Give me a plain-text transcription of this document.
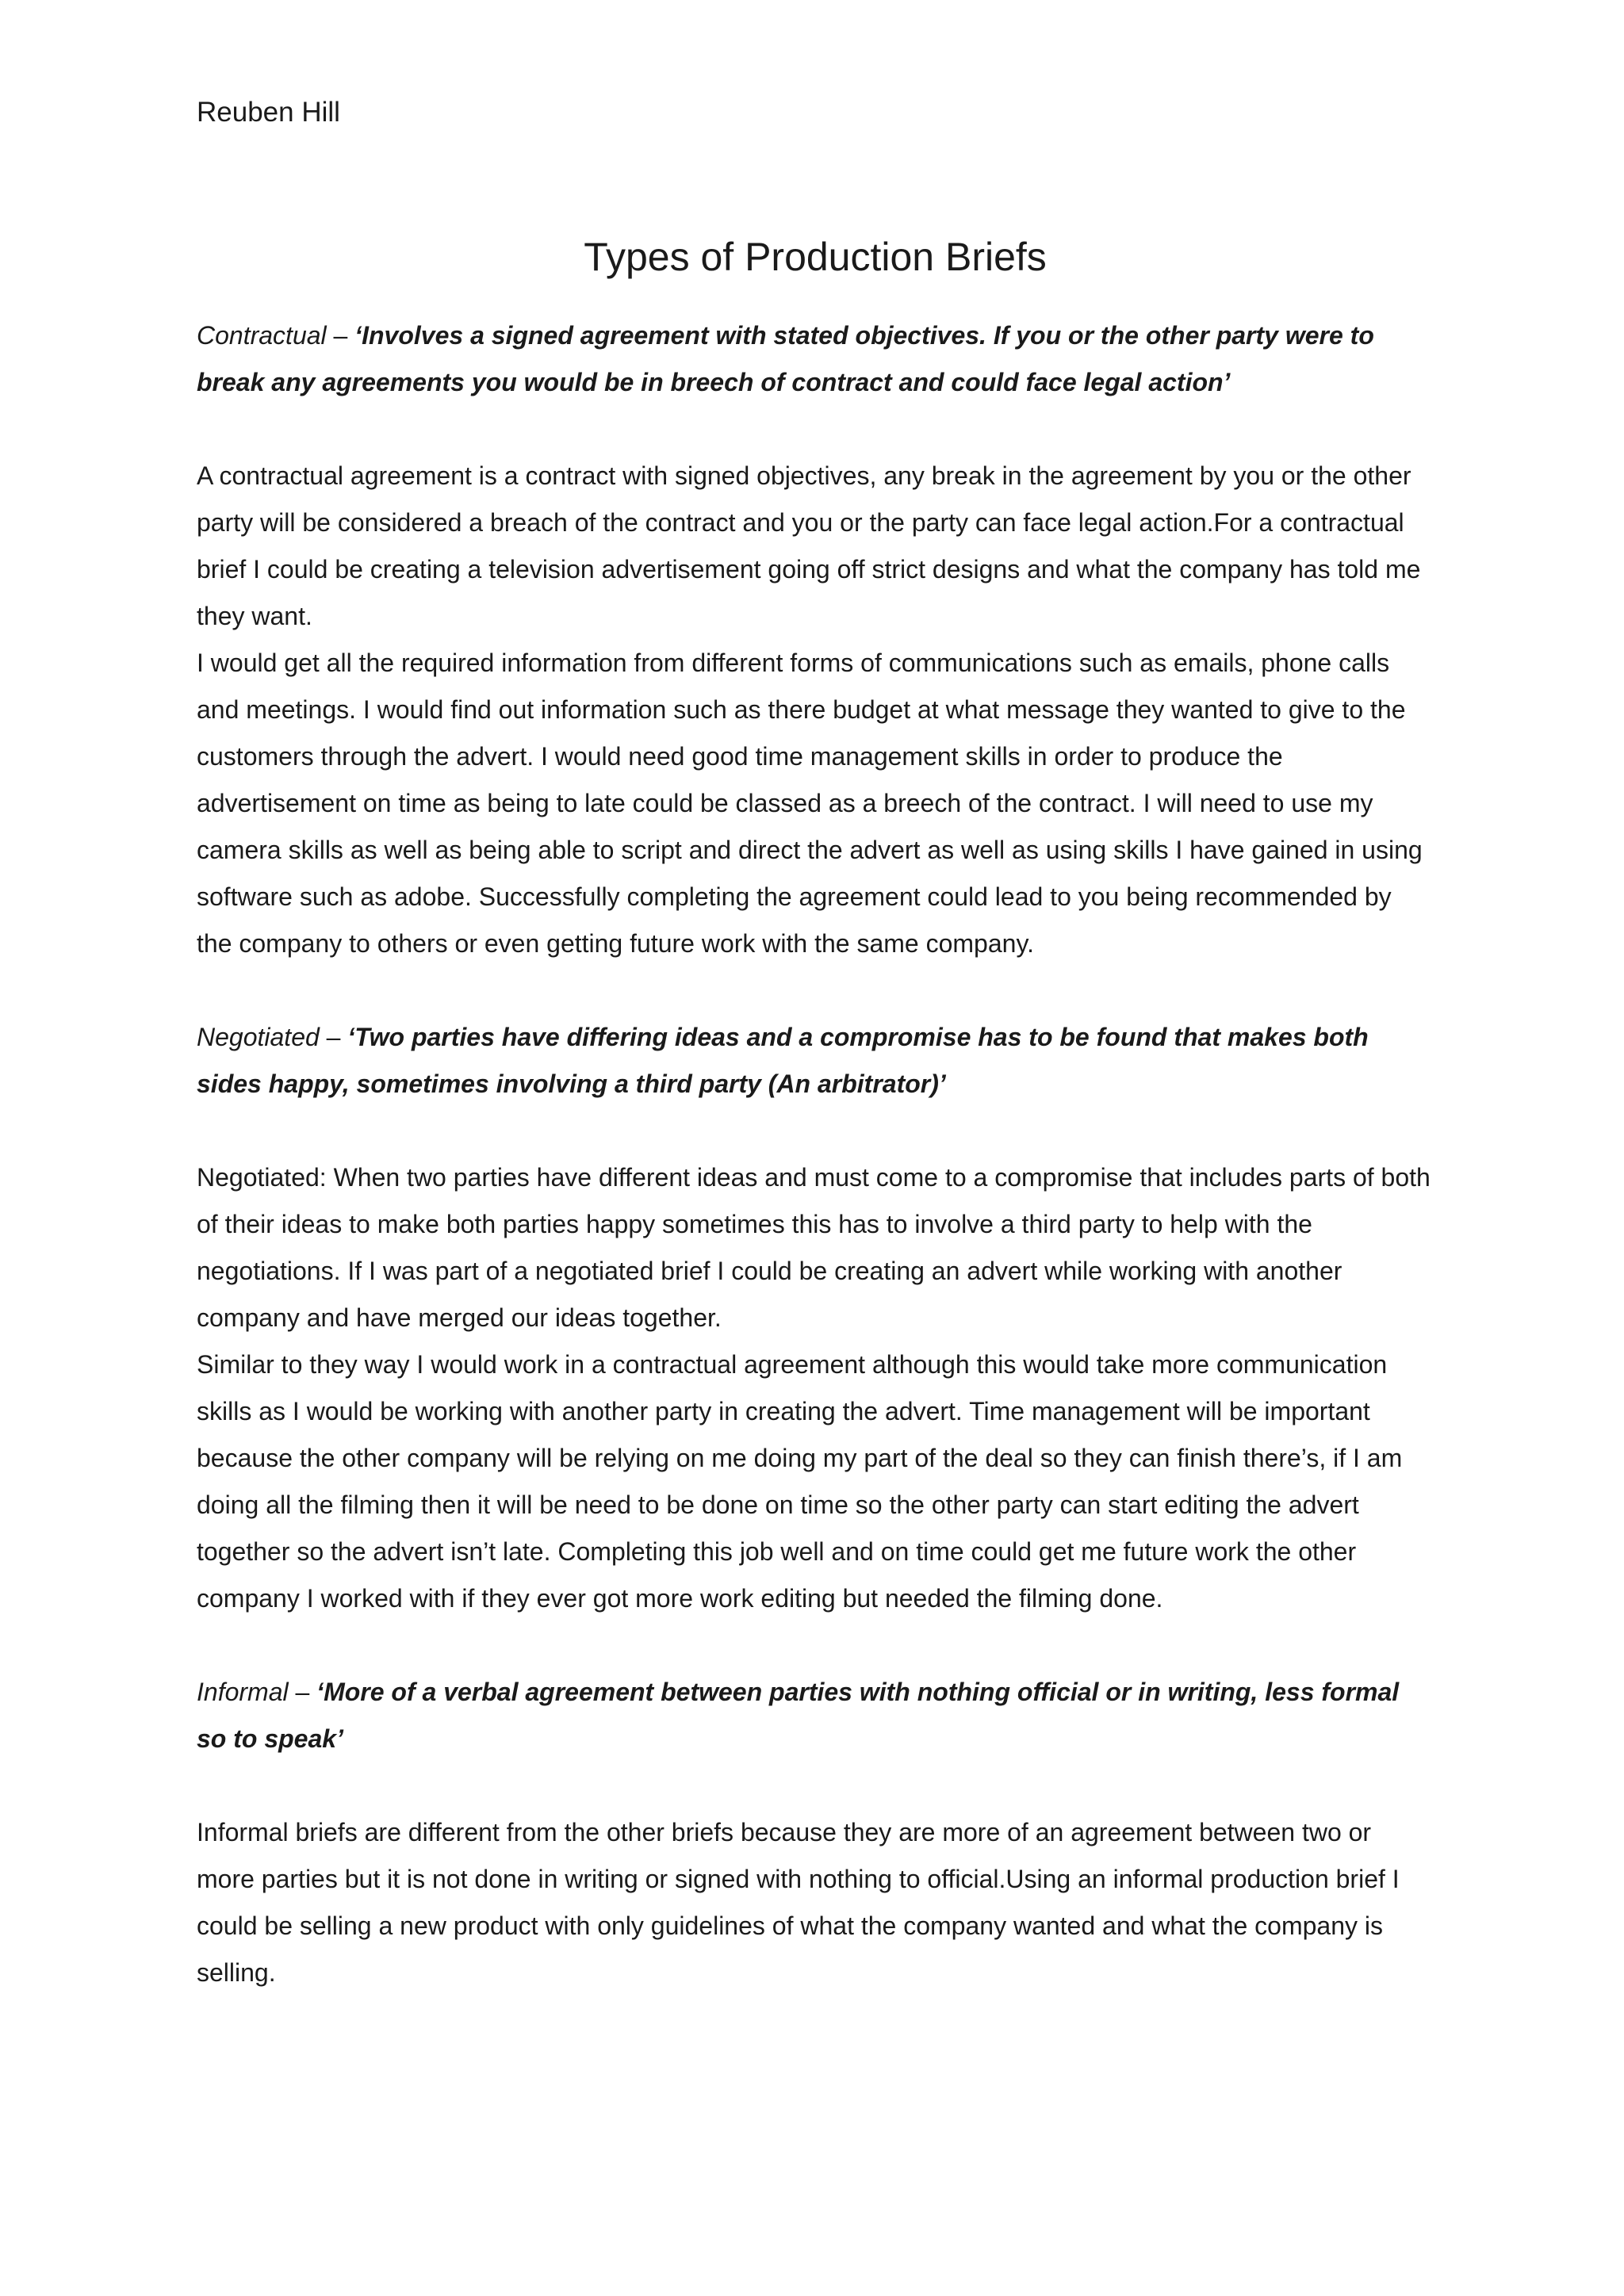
Reuben Hill

Types of Production Briefs

Contractual – ‘Involves a signed agreement with stated objectives. If you or the other party were to break any agreements you would be in breech of contract and could face legal action’

A contractual agreement is a contract with signed objectives, any break in the agreement by you or the other party will be considered a breach of the contract and you or the party can face legal action.For a contractual brief I could be creating a television advertisement going off strict designs and what the company has told me they want.

I would get all the required information from different forms of communications such as emails, phone calls and meetings. I would find out information such as there budget at what message they wanted to give to the customers through the advert. I would need good time management skills in order to produce the advertisement on time as being to late could be classed as a breech of the contract. I will need to use my camera skills as well as being able to script and direct the advert as well as using skills I have gained in using software such as adobe. Successfully completing the agreement could lead to you being recommended by the company to others or even getting future work with the same company.

Negotiated – ‘Two parties have differing ideas and a compromise has to be found that makes both sides happy, sometimes involving a third party (An arbitrator)’

Negotiated: When two parties have different ideas and must come to a compromise that includes parts of both of their ideas to make both parties happy sometimes this has to involve a third party to help with the negotiations. If I was part of a negotiated brief I could be creating an advert while working with another company and have merged our ideas together.

Similar to they way I would work in a contractual agreement although this would take more communication skills as I would be working with another party in creating the advert. Time management will be important because the other company will be relying on me doing my part of the deal so they can finish there’s, if I am doing all the filming then it will be need to be done on time so the other party can start editing the advert together so the advert isn’t late. Completing this job well and on time could get me future work the other company I worked with if they ever got more work editing but needed the filming done.

Informal – ‘More of a verbal agreement between parties with nothing official or in writing, less formal so to speak’

Informal briefs are different from the other briefs because they are more of an agreement between two or more parties but it is not done in writing or signed with nothing to official.Using an informal production brief I could be selling a new product with only guidelines of what the company wanted and what the company is selling.
